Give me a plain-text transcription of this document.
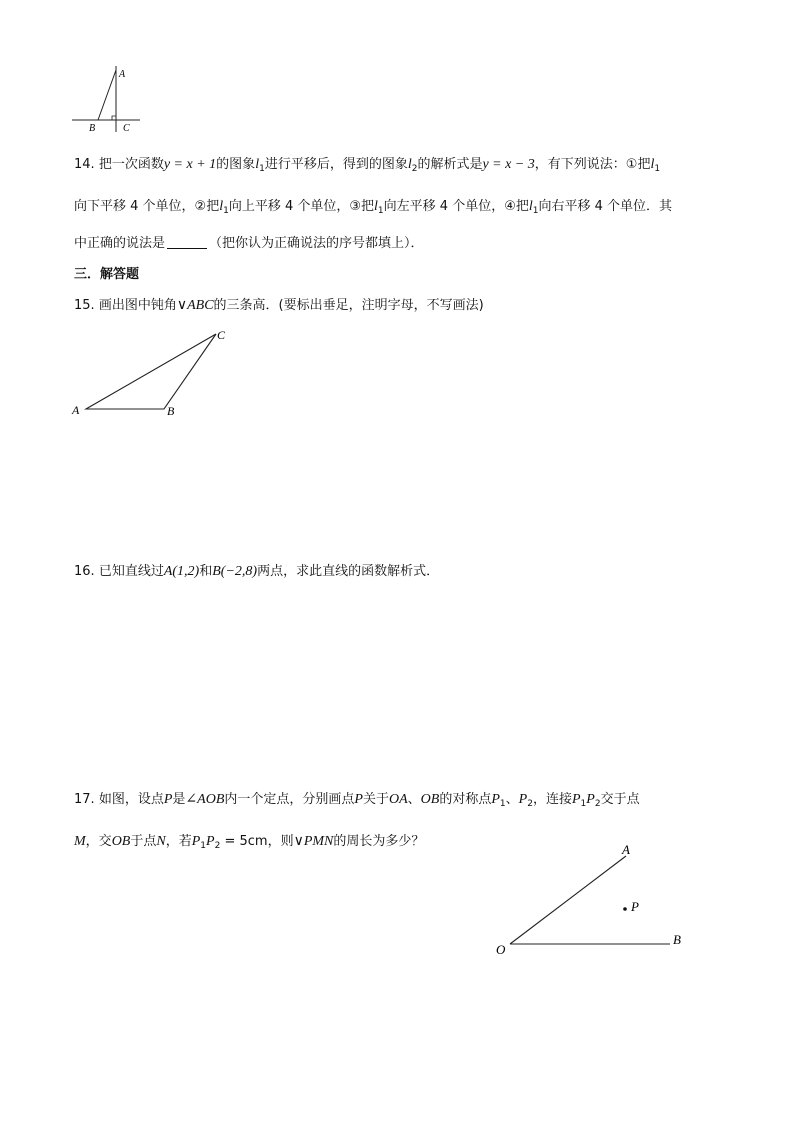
A
B	C
14. 把一次函数y = x + 1的图象$l_1$进行平移后，得到的图象$l_2$的解析式是y = x − 3，有下列说法：①把$l_1$
向下平移 4 个单位，②把$l_1$向上平移 4 个单位，③把$l_1$向左平移 4 个单位，④把$l_1$向右平移 4 个单位．其
中正确的说法是	（把你认为正确说法的序号都填上）．
三．解答题
15. 画出图中钝角∨ABC的三条高．(要标出垂足，注明字母，不写画法)
A	B
C
16. 已知直线过A(1,2)和B(−2,8)两点，求此直线的函数解析式．
17. 如图，设点P是∠AOB内一个定点，分别画点P关于OA、OB的对称点$P_1$、$P_2$，连接$P_1P_2$交于点
M，交OB于点N，若$P_1P_2 = 5cm$，则∨PMN的周长为多少？
A
P
O
B
